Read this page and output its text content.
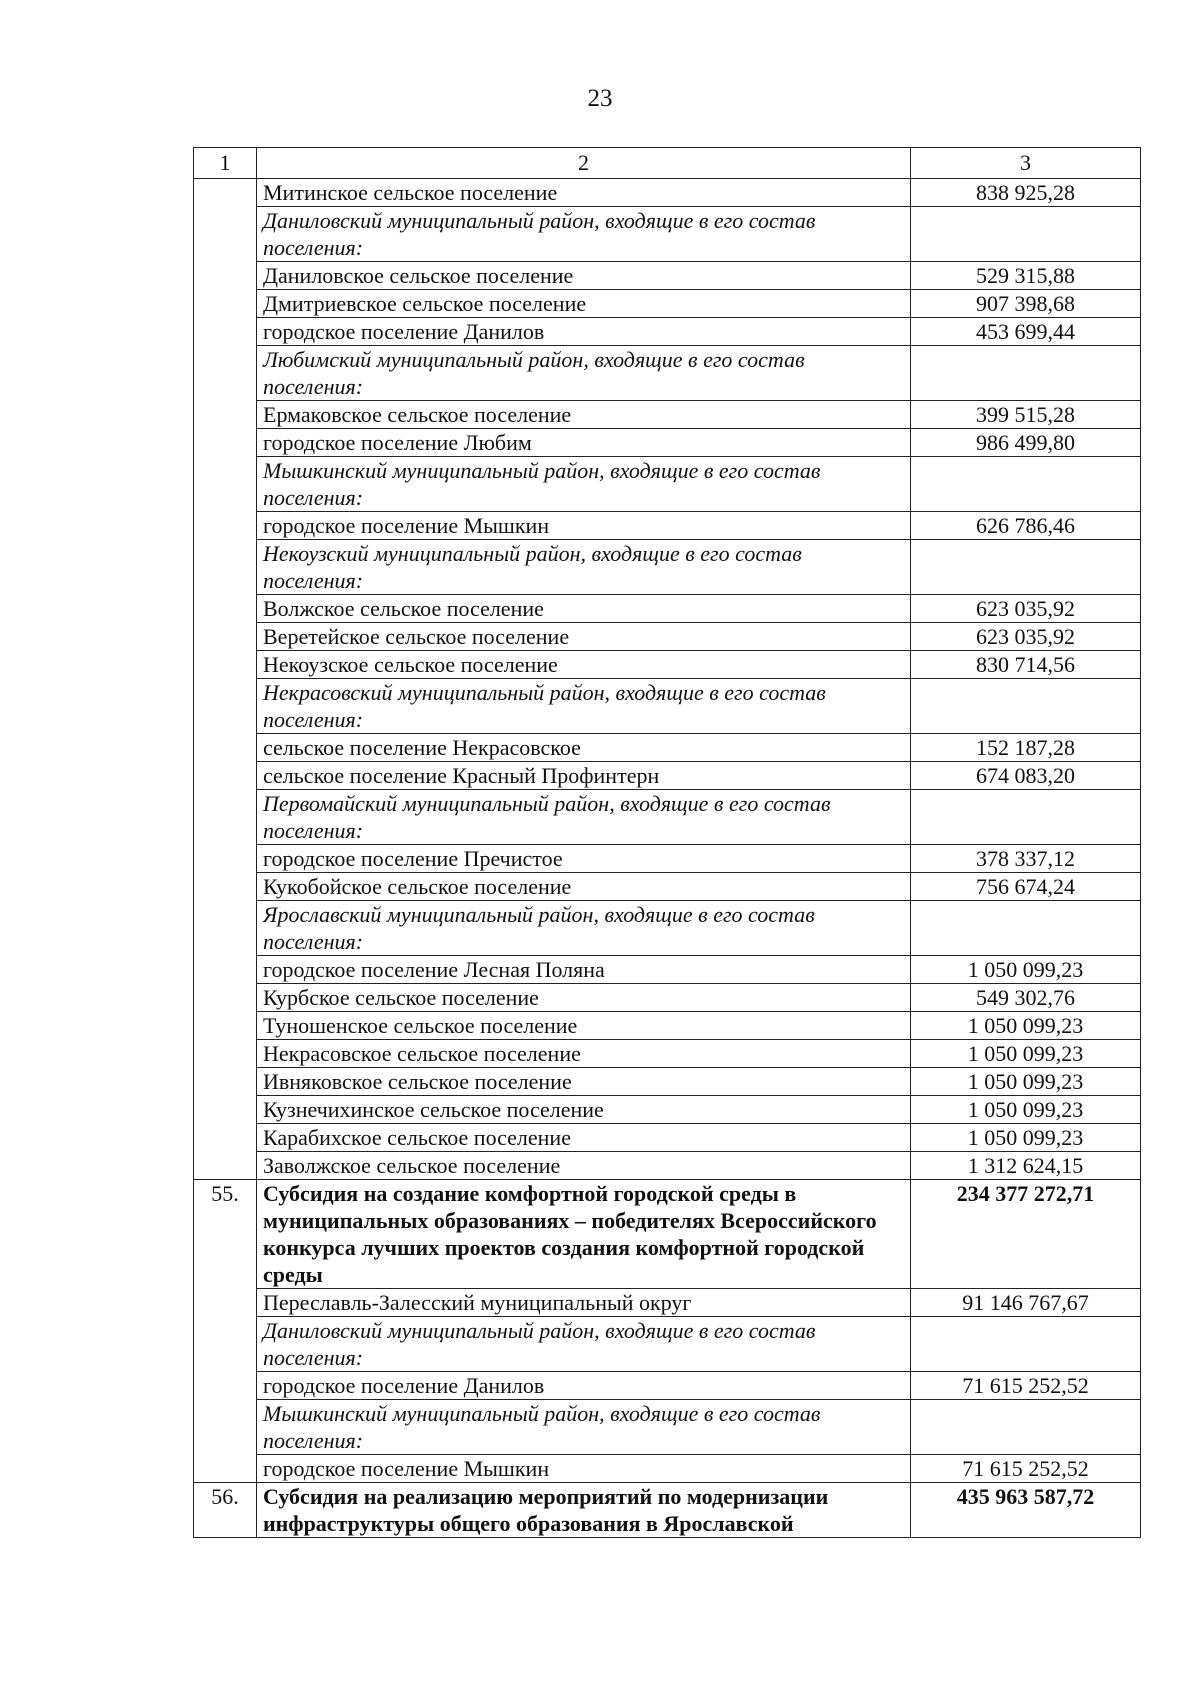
23
1	2	3
	Митинское сельское поселение	838 925,28
	Даниловский муниципальный район, входящие в его состав поселения:	
	Даниловское сельское поселение	529 315,88
	Дмитриевское сельское поселение	907 398,68
	городское поселение Данилов	453 699,44
	Любимский муниципальный район, входящие в его состав поселения:	
	Ермаковское сельское поселение	399 515,28
	городское поселение Любим	986 499,80
	Мышкинский муниципальный район, входящие в его состав поселения:	
	городское поселение Мышкин	626 786,46
	Некоузский муниципальный район, входящие в его состав поселения:	
	Волжское сельское поселение	623 035,92
	Веретейское сельское поселение	623 035,92
	Некоузское сельское поселение	830 714,56
	Некрасовский муниципальный район, входящие в его состав поселения:	
	сельское поселение Некрасовское	152 187,28
	сельское поселение Красный Профинтерн	674 083,20
	Первомайский муниципальный район, входящие в его состав поселения:	
	городское поселение Пречистое	378 337,12
	Кукобойское сельское поселение	756 674,24
	Ярославский муниципальный район, входящие в его состав поселения:	
	городское поселение Лесная Поляна	1 050 099,23
	Курбское сельское поселение	549 302,76
	Туношенское сельское поселение	1 050 099,23
	Некрасовское сельское поселение	1 050 099,23
	Ивняковское сельское поселение	1 050 099,23
	Кузнечихинское сельское поселение	1 050 099,23
	Карабихское сельское поселение	1 050 099,23
	Заволжское сельское поселение	1 312 624,15
55.	Субсидия на создание комфортной городской среды в муниципальных образованиях – победителях Всероссийского конкурса лучших проектов создания комфортной городской среды	234 377 272,71
	Переславль-Залесский муниципальный округ	91 146 767,67
	Даниловский муниципальный район, входящие в его состав поселения:	
	городское поселение Данилов	71 615 252,52
	Мышкинский муниципальный район, входящие в его состав поселения:	
	городское поселение Мышкин	71 615 252,52
56.	Субсидия на реализацию мероприятий по модернизации инфраструктуры общего образования в Ярославской	435 963 587,72
